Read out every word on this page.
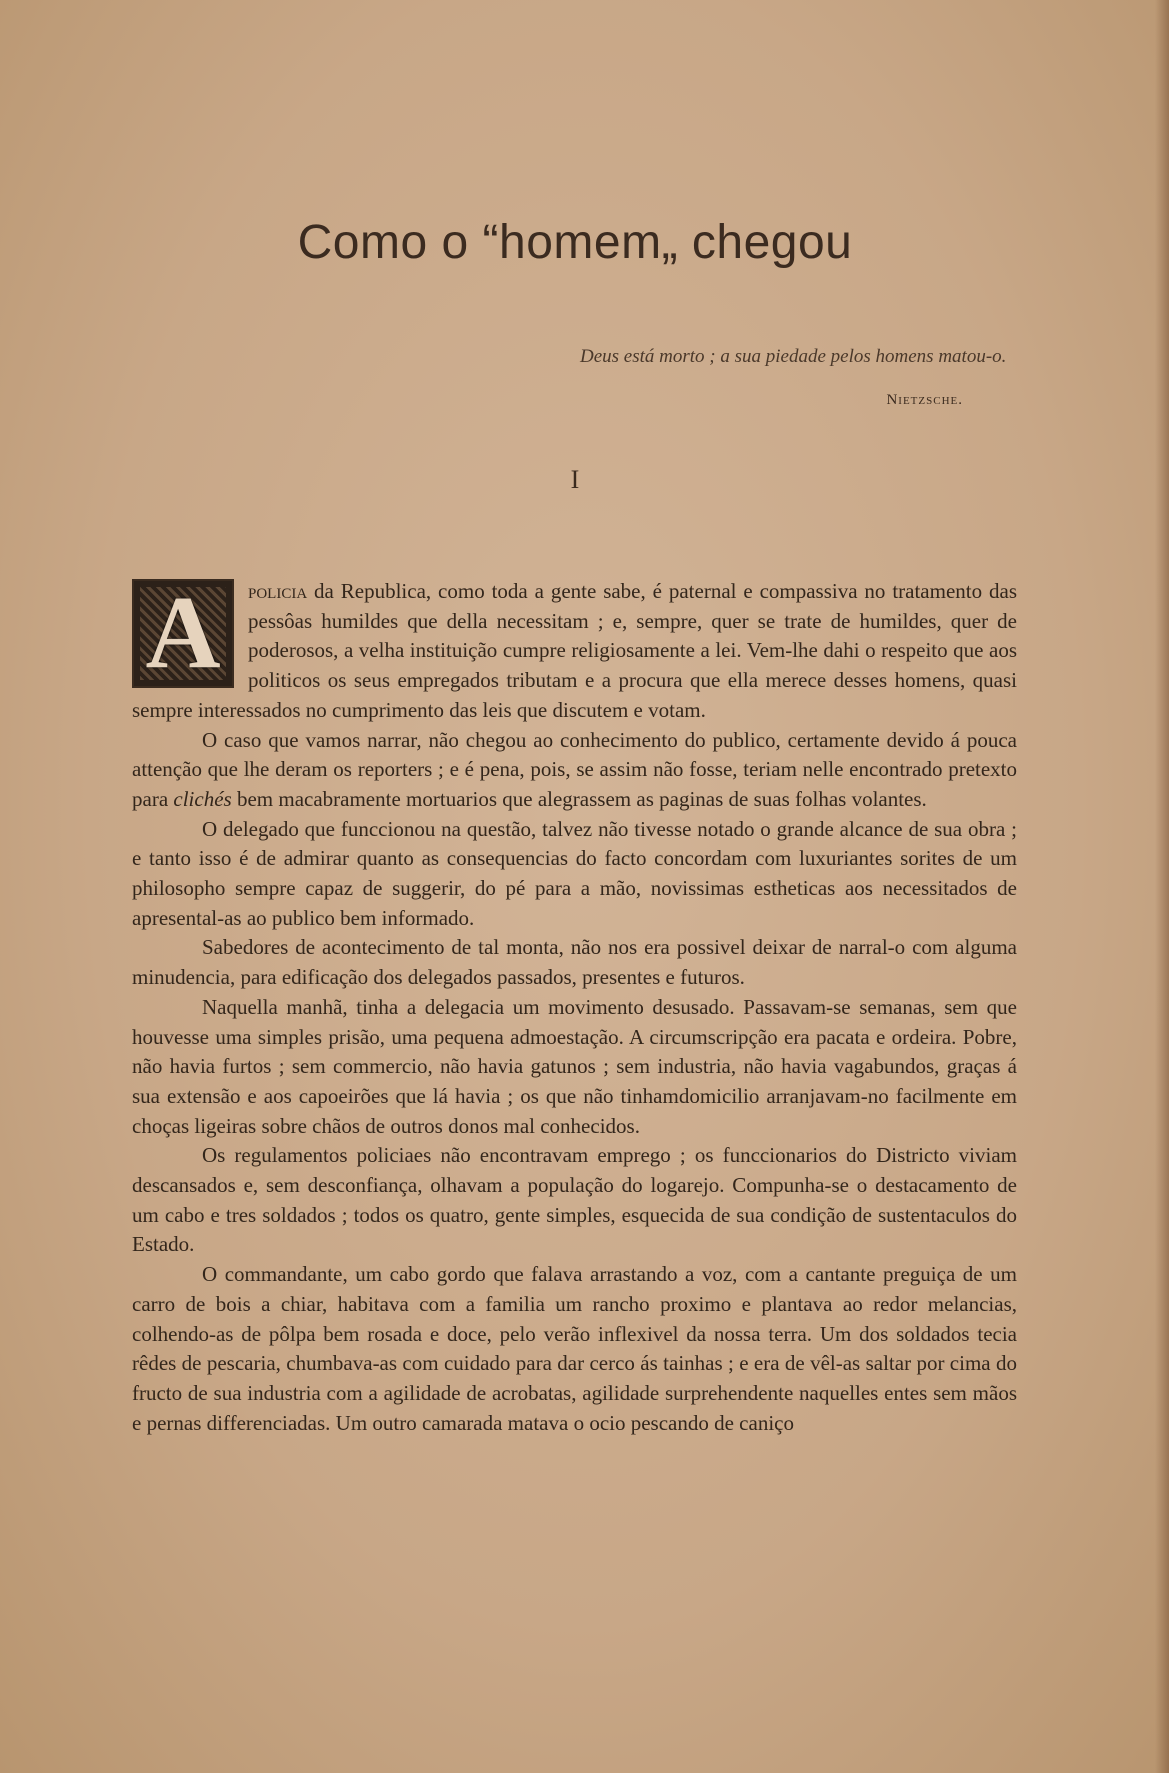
Como o “homem„ chegou

Deus está morto ; a sua piedade pelos homens matou-o.

Nietzsche.

I

A	policia da Republica, como toda a gente sabe, é paternal e compassiva no tratamento das pessôas humildes que della necessitam ; e, sempre, quer se trate de humildes, quer de poderosos, a velha instituição cumpre religiosamente a lei. Vem-lhe dahi o respeito que aos politicos os seus empregados tributam e a procura que ella merece desses homens, quasi sempre interessados no cumprimento das leis que discutem e votam.

O caso que vamos narrar, não chegou ao conhecimento do publico, certamente devido á pouca attenção que lhe deram os reporters ; e é pena, pois, se assim não fosse, teriam nelle encontrado pretexto para clichés bem macabramente mortuarios que alegrassem as paginas de suas folhas volantes.

O delegado que funccionou na questão, talvez não tivesse notado o grande alcance de sua obra ; e tanto isso é de admirar quanto as consequencias do facto concordam com luxuriantes sorites de um philosopho sempre capaz de suggerir, do pé para a mão, novissimas estheticas aos necessitados de apresental-as ao publico bem informado.

Sabedores de acontecimento de tal monta, não nos era possivel deixar de narral-o com alguma minudencia, para edificação dos delegados passados, presentes e futuros.

Naquella manhã, tinha a delegacia um movimento desusado. Passavam-se semanas, sem que houvesse uma simples prisão, uma pequena admoestação. A circumscripção era pacata e ordeira. Pobre, não havia furtos ; sem commercio, não havia gatunos ; sem industria, não havia vagabundos, graças á sua extensão e aos capoeirões que lá havia ; os que não tinhamdomicilio arranjavam-no facilmente em choças ligeiras sobre chãos de outros donos mal conhecidos.

Os regulamentos policiaes não encontravam emprego ; os funccionarios do Districto viviam descansados e, sem desconfiança, olhavam a população do logarejo. Compunha-se o destacamento de um cabo e tres soldados ; todos os quatro, gente simples, esquecida de sua condição de sustentaculos do Estado.

O commandante, um cabo gordo que falava arrastando a voz, com a cantante preguiça de um carro de bois a chiar, habitava com a familia um rancho proximo e plantava ao redor melancias, colhendo-as de pôlpa bem rosada e doce, pelo verão inflexivel da nossa terra. Um dos soldados tecia rêdes de pescaria, chumbava-as com cuidado para dar cerco ás tainhas ; e era de vêl-as saltar por cima do fructo de sua industria com a agilidade de acrobatas, agilidade surprehendente naquelles entes sem mãos e pernas differenciadas. Um outro camarada matava o ocio pescando de caniço
